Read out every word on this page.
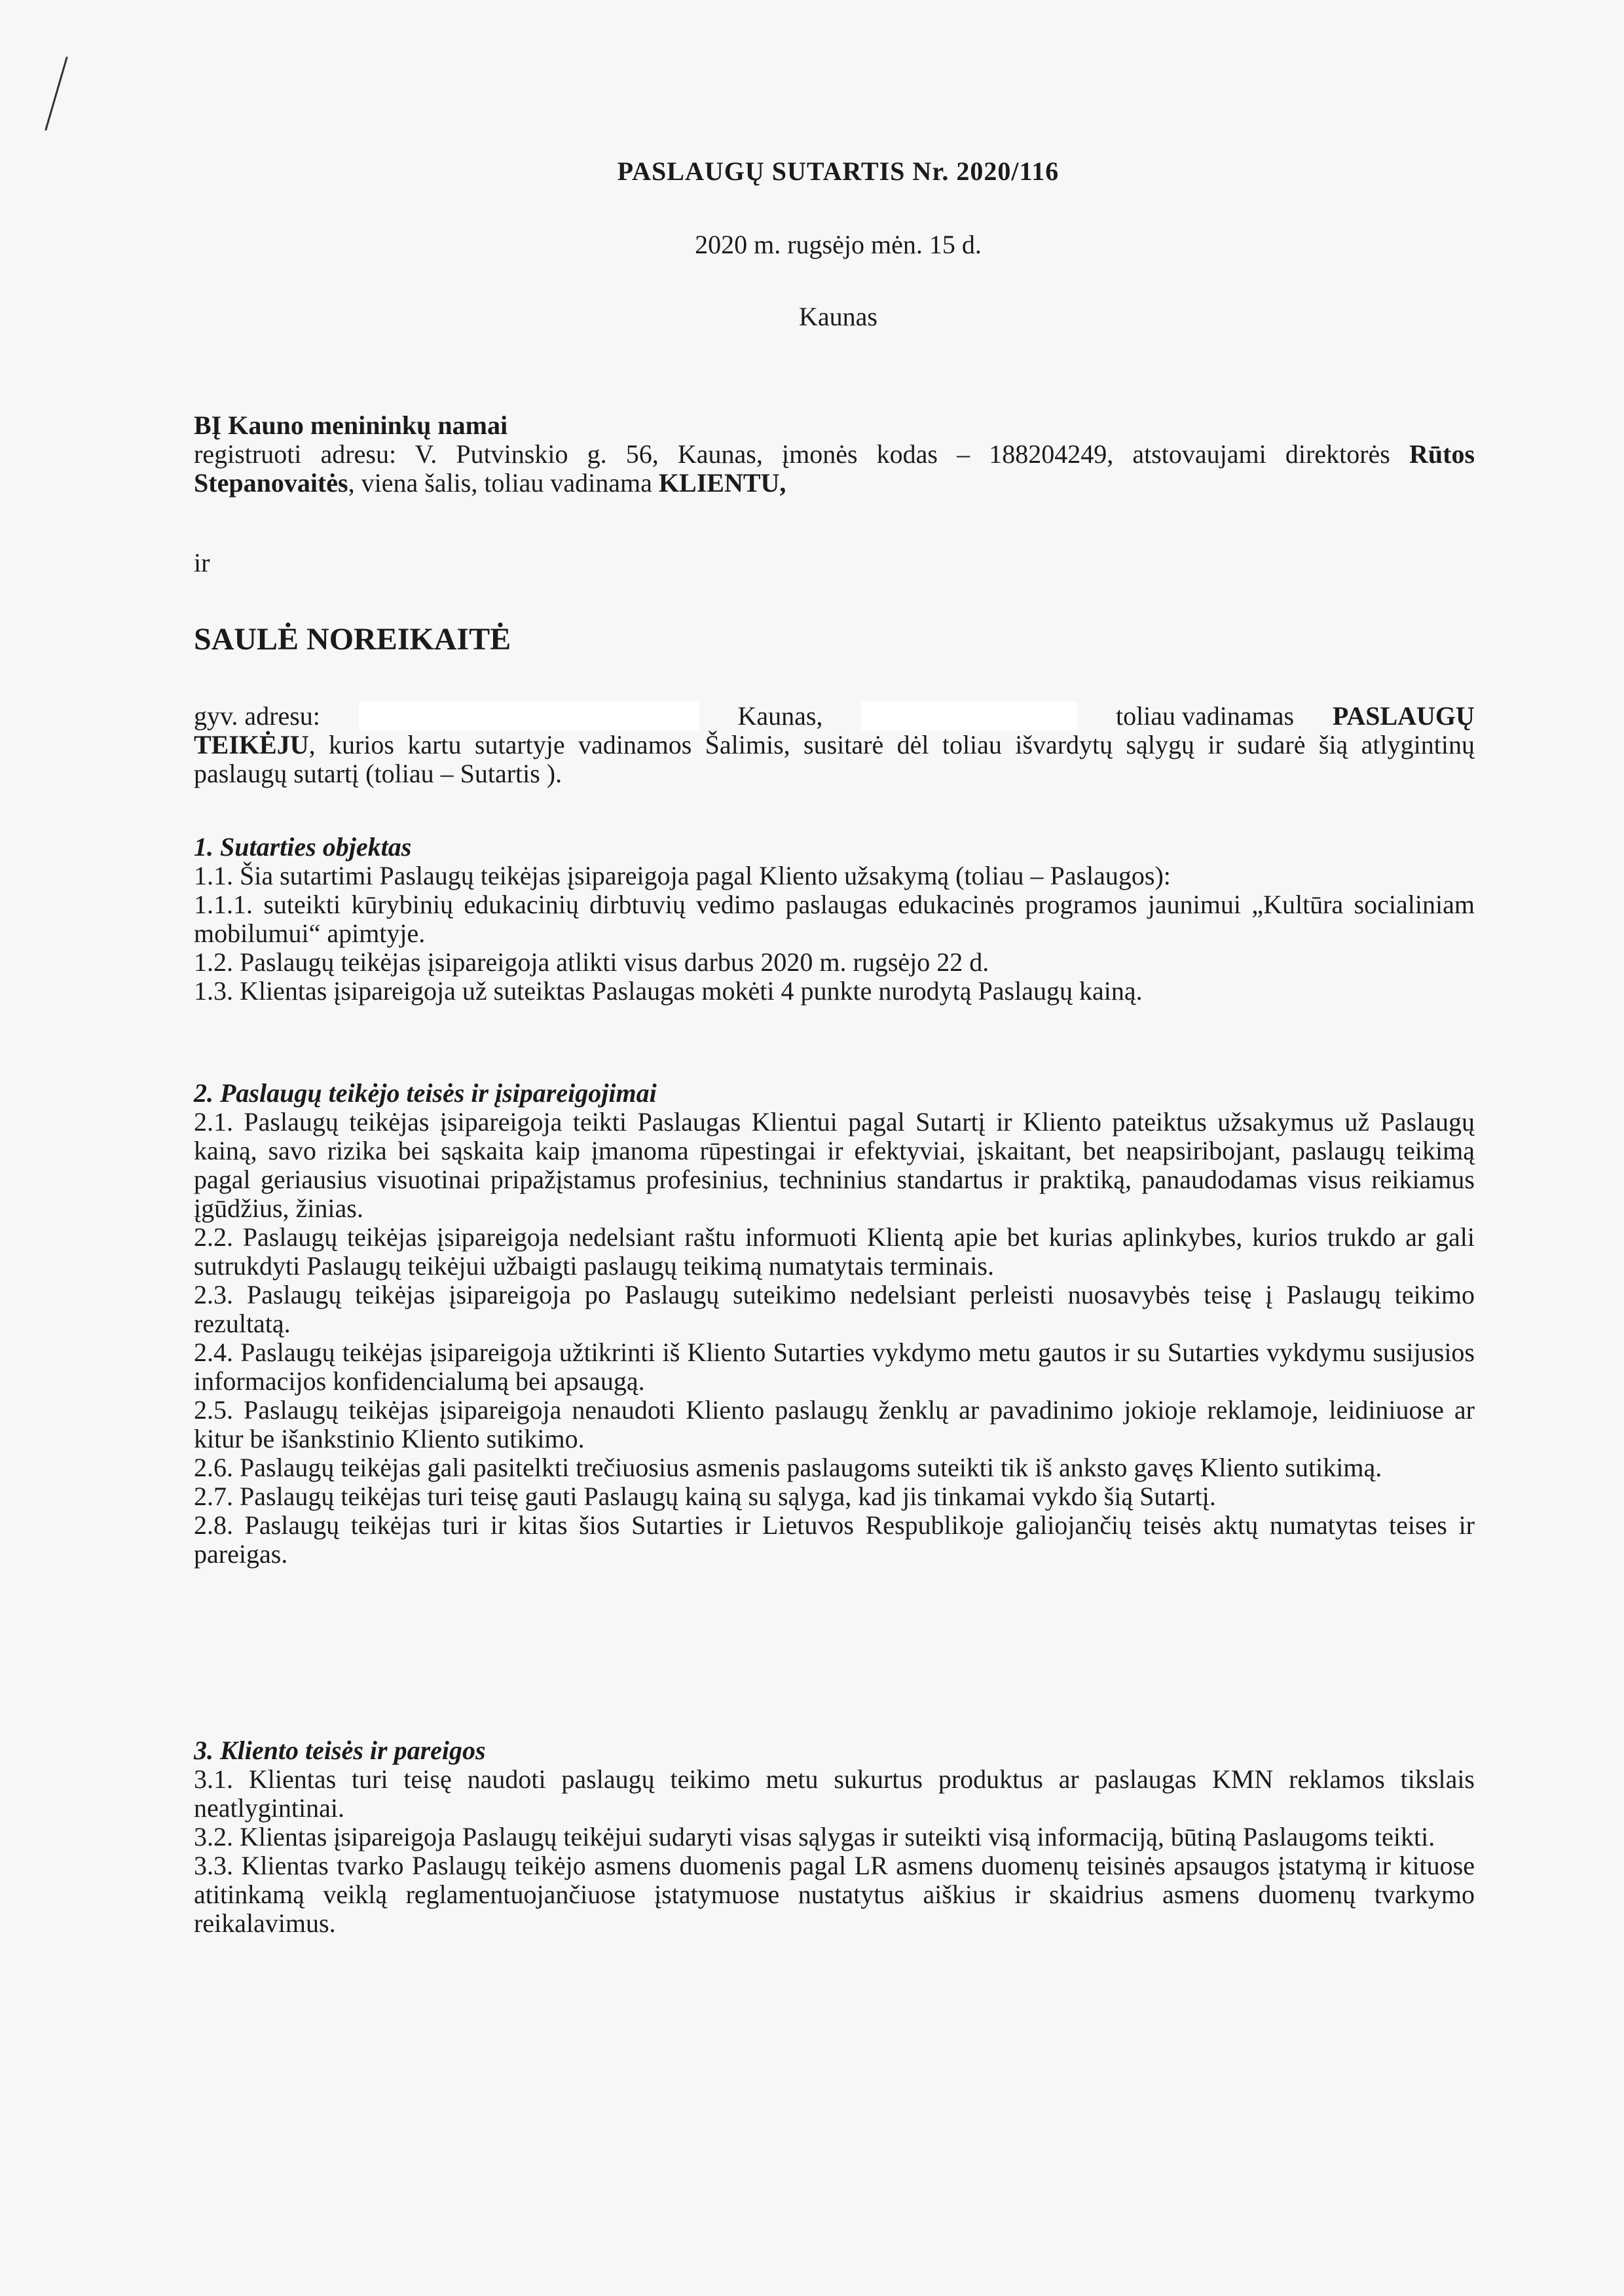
PASLAUGŲ SUTARTIS Nr. 2020/116
2020 m. rugsėjo mėn. 15 d.
Kaunas

BĮ Kauno menininkų namai

registruoti adresu: V. Putvinskio g. 56, Kaunas, įmonės kodas – 188204249, atstovaujami direktorės Rūtos Stepanovaitės, viena šalis, toliau vadinama KLIENTU,

ir
SAULĖ NOREIKAITĖ

gyv. adresu:	Kaunas,	toliau vadinamas PASLAUGŲ

TEIKĖJU, kurios kartu sutartyje vadinamos Šalimis, susitarė dėl toliau išvardytų sąlygų ir sudarė šią atlygintinų paslaugų sutartį (toliau – Sutartis ).

1. Sutarties objektas

1.1. Šia sutartimi Paslaugų teikėjas įsipareigoja pagal Kliento užsakymą (toliau – Paslaugos):

1.1.1. suteikti kūrybinių edukacinių dirbtuvių vedimo paslaugas edukacinės programos jaunimui „Kultūra socialiniam mobilumui“ apimtyje.

1.2. Paslaugų teikėjas įsipareigoja atlikti visus darbus 2020 m. rugsėjo 22 d.

1.3. Klientas įsipareigoja už suteiktas Paslaugas mokėti 4 punkte nurodytą Paslaugų kainą.

2. Paslaugų teikėjo teisės ir įsipareigojimai

2.1. Paslaugų teikėjas įsipareigoja teikti Paslaugas Klientui pagal Sutartį ir Kliento pateiktus užsakymus už Paslaugų kainą, savo rizika bei sąskaita kaip įmanoma rūpestingai ir efektyviai, įskaitant, bet neapsiribojant, paslaugų teikimą pagal geriausius visuotinai pripažįstamus profesinius, techninius standartus ir praktiką, panaudodamas visus reikiamus įgūdžius, žinias.

2.2. Paslaugų teikėjas įsipareigoja nedelsiant raštu informuoti Klientą apie bet kurias aplinkybes, kurios trukdo ar gali sutrukdyti Paslaugų teikėjui užbaigti paslaugų teikimą numatytais terminais.

2.3. Paslaugų teikėjas įsipareigoja po Paslaugų suteikimo nedelsiant perleisti nuosavybės teisę į Paslaugų teikimo rezultatą.

2.4. Paslaugų teikėjas įsipareigoja užtikrinti iš Kliento Sutarties vykdymo metu gautos ir su Sutarties vykdymu susijusios informacijos konfidencialumą bei apsaugą.

2.5. Paslaugų teikėjas įsipareigoja nenaudoti Kliento paslaugų ženklų ar pavadinimo jokioje reklamoje, leidiniuose ar kitur be išankstinio Kliento sutikimo.

2.6. Paslaugų teikėjas gali pasitelkti trečiuosius asmenis paslaugoms suteikti tik iš anksto gavęs Kliento sutikimą.

2.7. Paslaugų teikėjas turi teisę gauti Paslaugų kainą su sąlyga, kad jis tinkamai vykdo šią Sutartį.

2.8. Paslaugų teikėjas turi ir kitas šios Sutarties ir Lietuvos Respublikoje galiojančių teisės aktų numatytas teises ir pareigas.

3. Kliento teisės ir pareigos

3.1. Klientas turi teisę naudoti paslaugų teikimo metu sukurtus produktus ar paslaugas KMN reklamos tikslais neatlygintinai.

3.2. Klientas įsipareigoja Paslaugų teikėjui sudaryti visas sąlygas ir suteikti visą informaciją, būtiną Paslaugoms teikti.

3.3. Klientas tvarko Paslaugų teikėjo asmens duomenis pagal LR asmens duomenų teisinės apsaugos įstatymą ir kituose atitinkamą veiklą reglamentuojančiuose įstatymuose nustatytus aiškius ir skaidrius asmens duomenų tvarkymo reikalavimus.
